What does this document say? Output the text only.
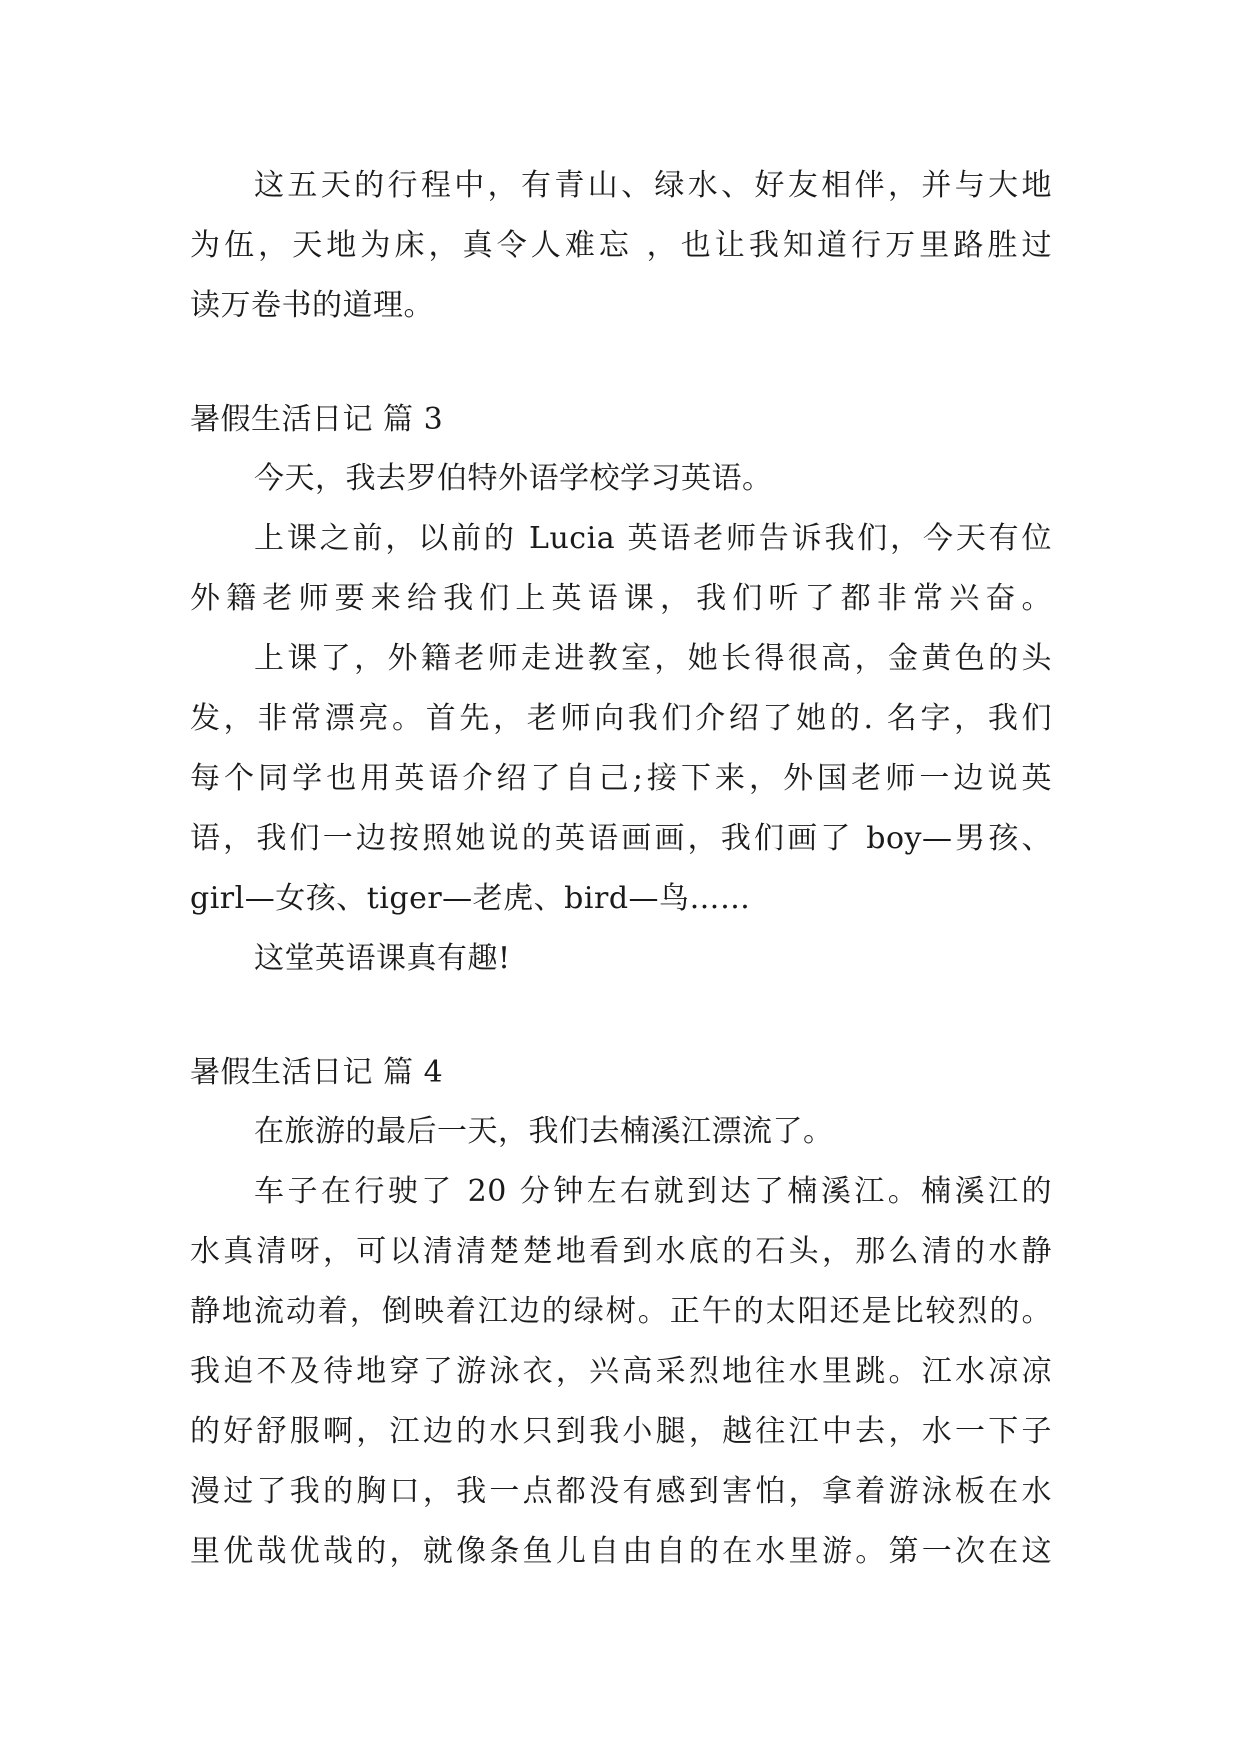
这五天的行程中，有青山、绿水、好友相伴，并与大地
为伍，天地为床，真令人难忘 ，也让我知道行万里路胜过
读万卷书的道理。
暑假生活日记 篇 3
今天，我去罗伯特外语学校学习英语。
上课之前，以前的 Lucia 英语老师告诉我们，今天有位
外籍老师要来给我们上英语课，我们听了都非常兴奋。
上课了，外籍老师走进教室，她长得很高，金黄色的头
发，非常漂亮。首先，老师向我们介绍了她的. 名字，我们
每个同学也用英语介绍了自己;接下来，外国老师一边说英
语，我们一边按照她说的英语画画，我们画了 boy—男孩、
girl—女孩、tiger—老虎、bird—鸟……
这堂英语课真有趣!
暑假生活日记 篇 4
在旅游的最后一天，我们去楠溪江漂流了。
车子在行驶了 20 分钟左右就到达了楠溪江。楠溪江的
水真清呀，可以清清楚楚地看到水底的石头，那么清的水静
静地流动着，倒映着江边的绿树。正午的太阳还是比较烈的。
我迫不及待地穿了游泳衣，兴高采烈地往水里跳。江水凉凉
的好舒服啊，江边的水只到我小腿，越往江中去，水一下子
漫过了我的胸口，我一点都没有感到害怕，拿着游泳板在水
里优哉优哉的，就像条鱼儿自由自的在水里游。第一次在这
